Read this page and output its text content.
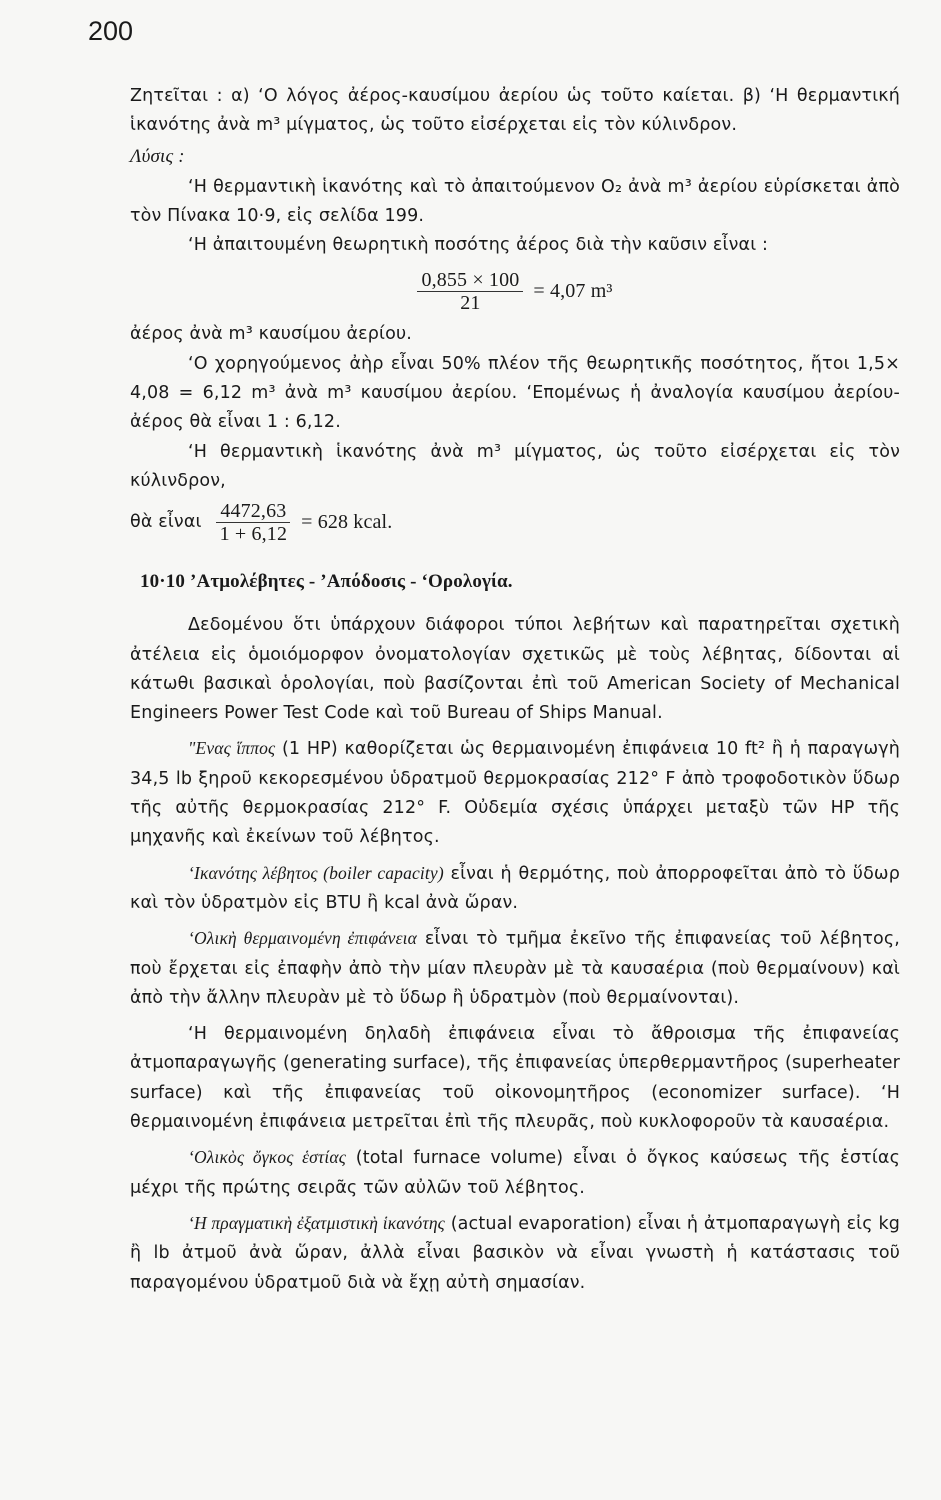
200

Ζητεῖται : α) ‘Ο λόγος ἀέρος-καυσίμου ἀερίου ὡς τοῦτο καίεται. β) ‘Η θερμαντική ἱκανότης ἀνὰ m³ μίγματος, ὡς τοῦτο εἰσέρχεται εἰς τὸν κύλινδρον.

Λύσις :

‘Η θερμαντικὴ ἱκανότης καὶ τὸ ἀπαιτούμενον O₂ ἀνὰ m³ ἀερίου εὑρίσκεται ἀπὸ τὸν Πίνακα 10·9, εἰς σελίδα 199.

‘Η ἀπαιτουμένη θεωρητικὴ ποσότης ἀέρος διὰ τὴν καῦσιν εἶναι :

$\frac{0,855 \times 100}{21} = 4,07$ m³

ἀέρος ἀνὰ m³ καυσίμου ἀερίου.

‘Ο χορηγούμενος ἀὴρ εἶναι 50% πλέον τῆς θεωρητικῆς ποσότητος, ἤτοι 1,5× 4,08 = 6,12 m³ ἀνὰ m³ καυσίμου ἀερίου. ‘Επομένως ἡ ἀναλογία καυσίμου ἀερίου-ἀέρος θὰ εἶναι 1 : 6,12.

‘Η θερμαντικὴ ἱκανότης ἀνὰ m³ μίγματος, ὡς τοῦτο εἰσέρχεται εἰς τὸν κύλινδρον,

θὰ εἶναι $\frac{4472,63}{1 + 6,12} = 628$ kcal.
10·10 ’Ατμολέβητες - ’Απόδοσις - ‘Ορολογία.

Δεδομένου ὅτι ὑπάρχουν διάφοροι τύποι λεβήτων καὶ παρατηρεῖται σχετικὴ ἀτέλεια εἰς ὁμοιόμορφον ὀνοματολογίαν σχετικῶς μὲ τοὺς λέβητας, δίδονται αἱ κάτωθι βασικαὶ ὁρολογίαι, ποὺ βασίζονται ἐπὶ τοῦ American Society of Mechanical Engineers Power Test Code καὶ τοῦ Bureau of Ships Manual.

"Ενας ἵππος (1 HP) καθορίζεται ὡς θερμαινομένη ἐπιφάνεια 10 ft² ἢ ἡ παραγωγὴ 34,5 lb ξηροῦ κεκορεσμένου ὑδρατμοῦ θερμοκρασίας 212° F ἀπὸ τροφοδοτικὸν ὕδωρ τῆς αὐτῆς θερμοκρασίας 212° F. Οὐδεμία σχέσις ὑπάρχει μεταξὺ τῶν HP τῆς μηχανῆς καὶ ἐκείνων τοῦ λέβητος.

‘Ικανότης λέβητος (boiler capacity) εἶναι ἡ θερμότης, ποὺ ἀπορροφεῖται ἀπὸ τὸ ὕδωρ καὶ τὸν ὑδρατμὸν εἰς BTU ἢ kcal ἀνὰ ὥραν.

‘Ολικὴ θερμαινομένη ἐπιφάνεια εἶναι τὸ τμῆμα ἐκεῖνο τῆς ἐπιφανείας τοῦ λέβητος, ποὺ ἔρχεται εἰς ἐπαφὴν ἀπὸ τὴν μίαν πλευρὰν μὲ τὰ καυσαέρια (ποὺ θερμαίνουν) καὶ ἀπὸ τὴν ἄλλην πλευρὰν μὲ τὸ ὕδωρ ἢ ὑδρατμὸν (ποὺ θερμαίνονται).

‘Η θερμαινομένη δηλαδὴ ἐπιφάνεια εἶναι τὸ ἄθροισμα τῆς ἐπιφανείας ἀτμοπαραγωγῆς (generating surface), τῆς ἐπιφανείας ὑπερθερμαντῆρος (superheater surface) καὶ τῆς ἐπιφανείας τοῦ οἰκονομητῆρος (economizer surface). ‘Η θερμαινομένη ἐπιφάνεια μετρεῖται ἐπὶ τῆς πλευρᾶς, ποὺ κυκλοφοροῦν τὰ καυσαέρια.

‘Ολικὸς ὄγκος ἑστίας (total furnace volume) εἶναι ὁ ὄγκος καύσεως τῆς ἑστίας μέχρι τῆς πρώτης σειρᾶς τῶν αὐλῶν τοῦ λέβητος.

‘Η πραγματικὴ ἐξατμιστικὴ ἱκανότης (actual evaporation) εἶναι ἡ ἀτμοπαραγωγὴ εἰς kg ἢ lb ἀτμοῦ ἀνὰ ὥραν, ἀλλὰ εἶναι βασικὸν νὰ εἶναι γνωστὴ ἡ κατάστασις τοῦ παραγομένου ὑδρατμοῦ διὰ νὰ ἔχῃ αὐτὴ σημασίαν.
